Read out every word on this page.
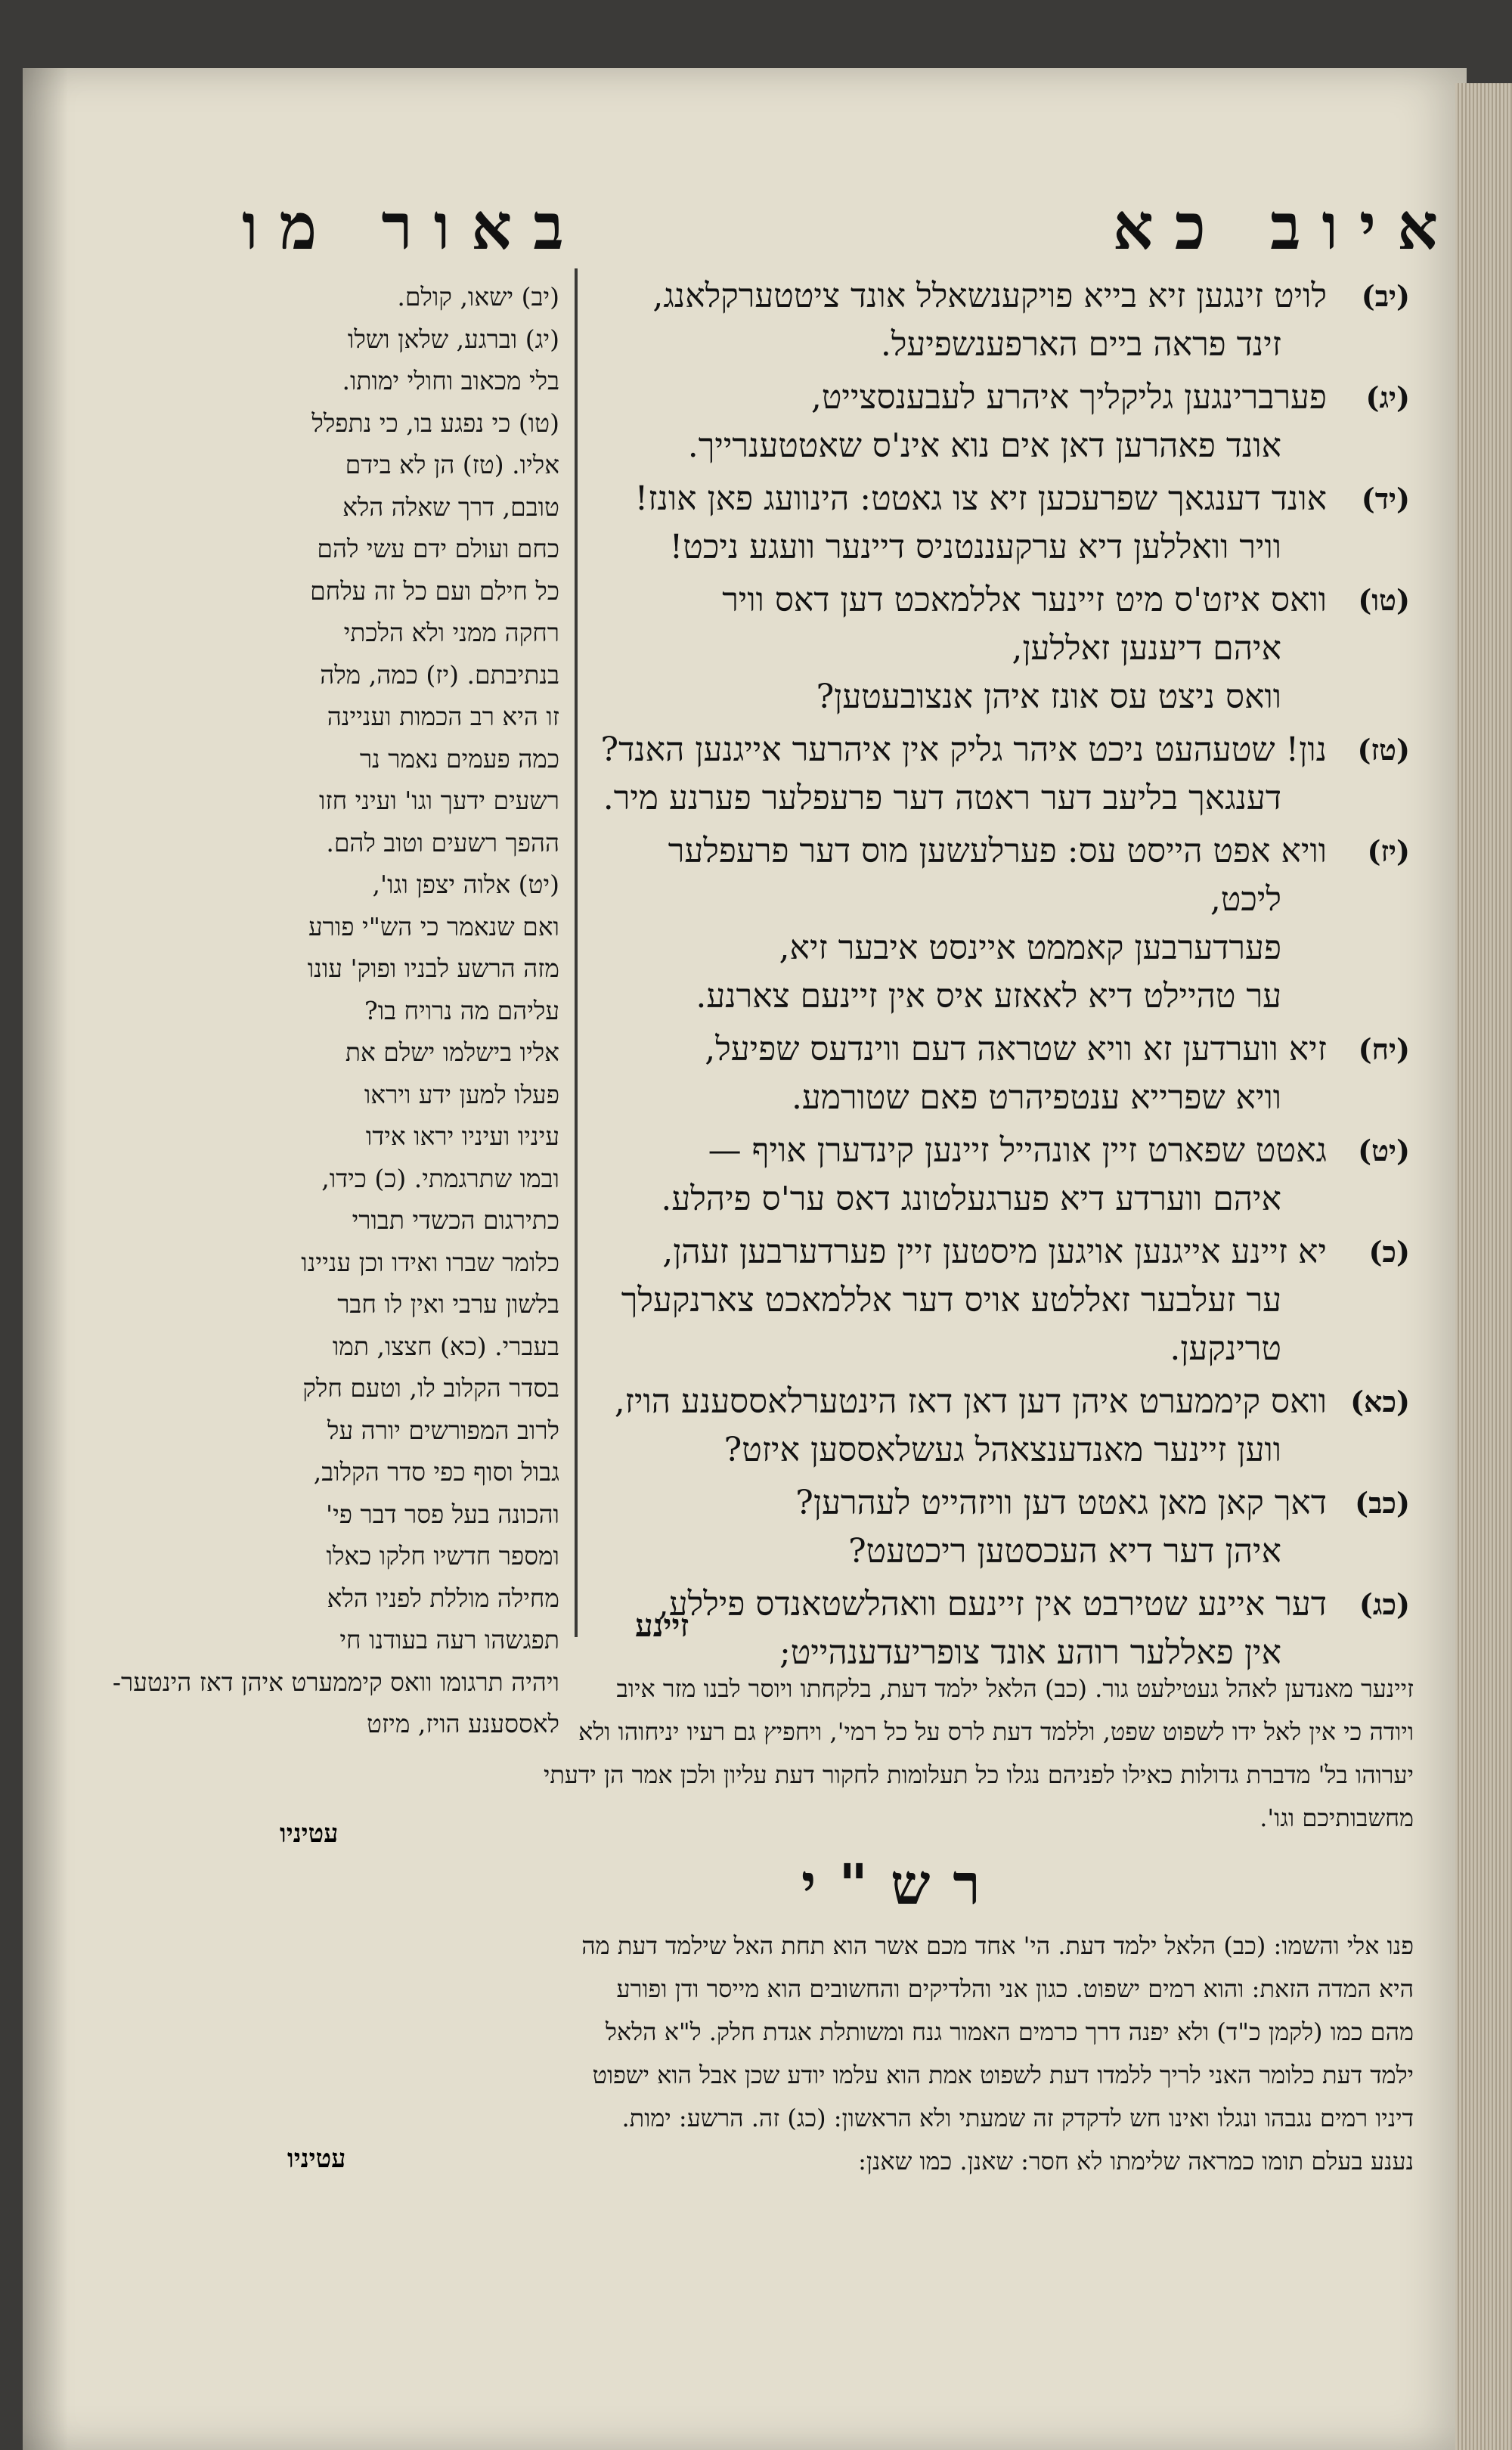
איוב כא
באור מו
(יב)
לויט זינגען זיא בייא פויקענשאלל אונד ציטטערקלאנג,
זינד פראה ביים הארפענשפיעל.
(יג)
פערברינגען גליקליך איהרע לעבענסצייט,
אונד פאהרען דאן אים נוא אינ'ס שאטטענרייך.
(יד)
אונד דענגאך שפרעכען זיא צו גאטט: הינוועג פאן אונז!
וויר וואללען דיא ערקעננטניס דיינער וועגע ניכט!
(טו)
וואס איזט'ס מיט זיינער אללמאכט דען דאס וויר
איהם דיענען זאללען,
וואס ניצט עס אונז איהן אנצובעטען?
(טז)
נון! שטעהעט ניכט איהר גליק אין איהרער אייגנען האנד?
דענגאך בליעב דער ראטה דער פרעפלער פערנע מיר.
(יז)
וויא אפט הייסט עס: פערלעשען מוס דער פרעפלער
ליכט,
פערדערבען קאממט איינסט איבער זיא,
ער טהיילט דיא לאאזע איס אין זיינעם צארנע.
(יח)
זיא ווערדען זא וויא שטראה דעם ווינדעס שפיעל,
וויא שפרייא ענטפיהרט פאם שטורמע.
(יט)
גאטט שפארט זיין אונהייל זיינען קינדערן אויף —
איהם ווערדע דיא פערגעלטונג דאס ער'ס פיהלע.
(כ)
יא זיינע אייגנען אויגען מיסטען זיין פערדערבען זעהן,
ער זעלבער זאללטע אויס דער אללמאכט צארנקעלך
טרינקען.
(כא)
וואס קיממערט איהן דען דאן דאז הינטערלאססענע הויז,
ווען זיינער מאנדענצאהל געשלאססען איזט?
(כב)
דאך קאן מאן גאטט דען וויזהייט לעהרען?
איהן דער דיא העכסטען ריכטעט?
(כג)
דער איינע שטירבט אין זיינעם וואהלשטאנדס פיללע,
אין פאללער רוהע אונד צופריעדענהייט;
זיינע
(יב) ישאו, קולם.
(יג) וברגע, שלאן ושלו
בלי מכאוב וחולי ימותו.
(טו) כי נפגע בו, כי נתפלל
אליו. (טז) הן לא בידם
טובם, דרך שאלה הלא
כחם ועולם ידם עשי להם
כל חילם ועם כל זה עלחם
רחקה ממני ולא הלכתי
בנתיבתם. (יז) כמה, מלה
זו היא רב הכמות ועניינה
כמה פעמים נאמר נר
רשעים ידעך וגו' ועיני חזו
ההפך רשעים וטוב להם.
(יט) אלוה יצפן וגו',
ואם שנאמר כי הש"י פורע
מזה הרשע לבניו ופוק' עונו
עליהם מה נרויח בו?
אליו בישלמו ישלם את
פעלו למען ידע ויראו
עיניו ועיניו יראו אידו
ובמו שתרגמתי. (כ) כידו,
כתירגום הכשדי תבורי
כלומר שברו ואידו וכן עניינו
בלשון ערבי ואין לו חבר
בעברי. (כא) חצצו, תמו
בסדר הקלוב לו, וטעם חלק
לרוב המפורשים יורה על
גבול וסוף כפי סדר הקלוב,
והכונה בעל פסר דבר פי'
ומספר חדשיו חלקו כאלו
מחילה מוללת לפניו הלא
תפגשהו רעה בעודנו חי
ויהיה תרגומו וואס קיממערט איהן דאז הינטער-
לאססענע הויז, מיזט
זיינער מאנדען לאהל געטילעט גור. (כב) הלאל ילמד דעת, בלקחתו ויוסר לבנו מזר איוב
ויודה כי אין לאל ידו לשפוט שפט, וללמד דעת לרס על כל רמי', ויחפיץ גם רעיו יניחוהו ולא
יערוהו בל' מדברת גדולות כאילו לפניהם נגלו כל תעלומות לחקור דעת עליון ולכן אמר הן ידעתי
מחשבותיכם וגו'.
עטיניו
רש"י
פנו אלי והשמו: (כב) הלאל ילמד דעת. הי' אחד מכם אשר הוא תחת האל שילמד דעת מה
היא המדה הזאת: והוא רמים ישפוט. כגון אני והלדיקים והחשובים הוא מייסר ודן ופורע
מהם כמו (לקמן כ"ד) ולא יפנה דרך כרמים האמור גנח ומשותלת אגדת חלק. ל"א הלאל
ילמד דעת כלומר האני לריך ללמדו דעת לשפוט אמת הוא עלמו יודע שכן אבל הוא ישפוט
דיניו רמים נגבהו ונגלו ואינו חש לדקדק זה שמעתי ולא הראשון: (כג) זה. הרשע: ימות.
נענע בעלם תומו כמראה שלימתו לא חסר: שאנן. כמו שאנן:
עטיניו
